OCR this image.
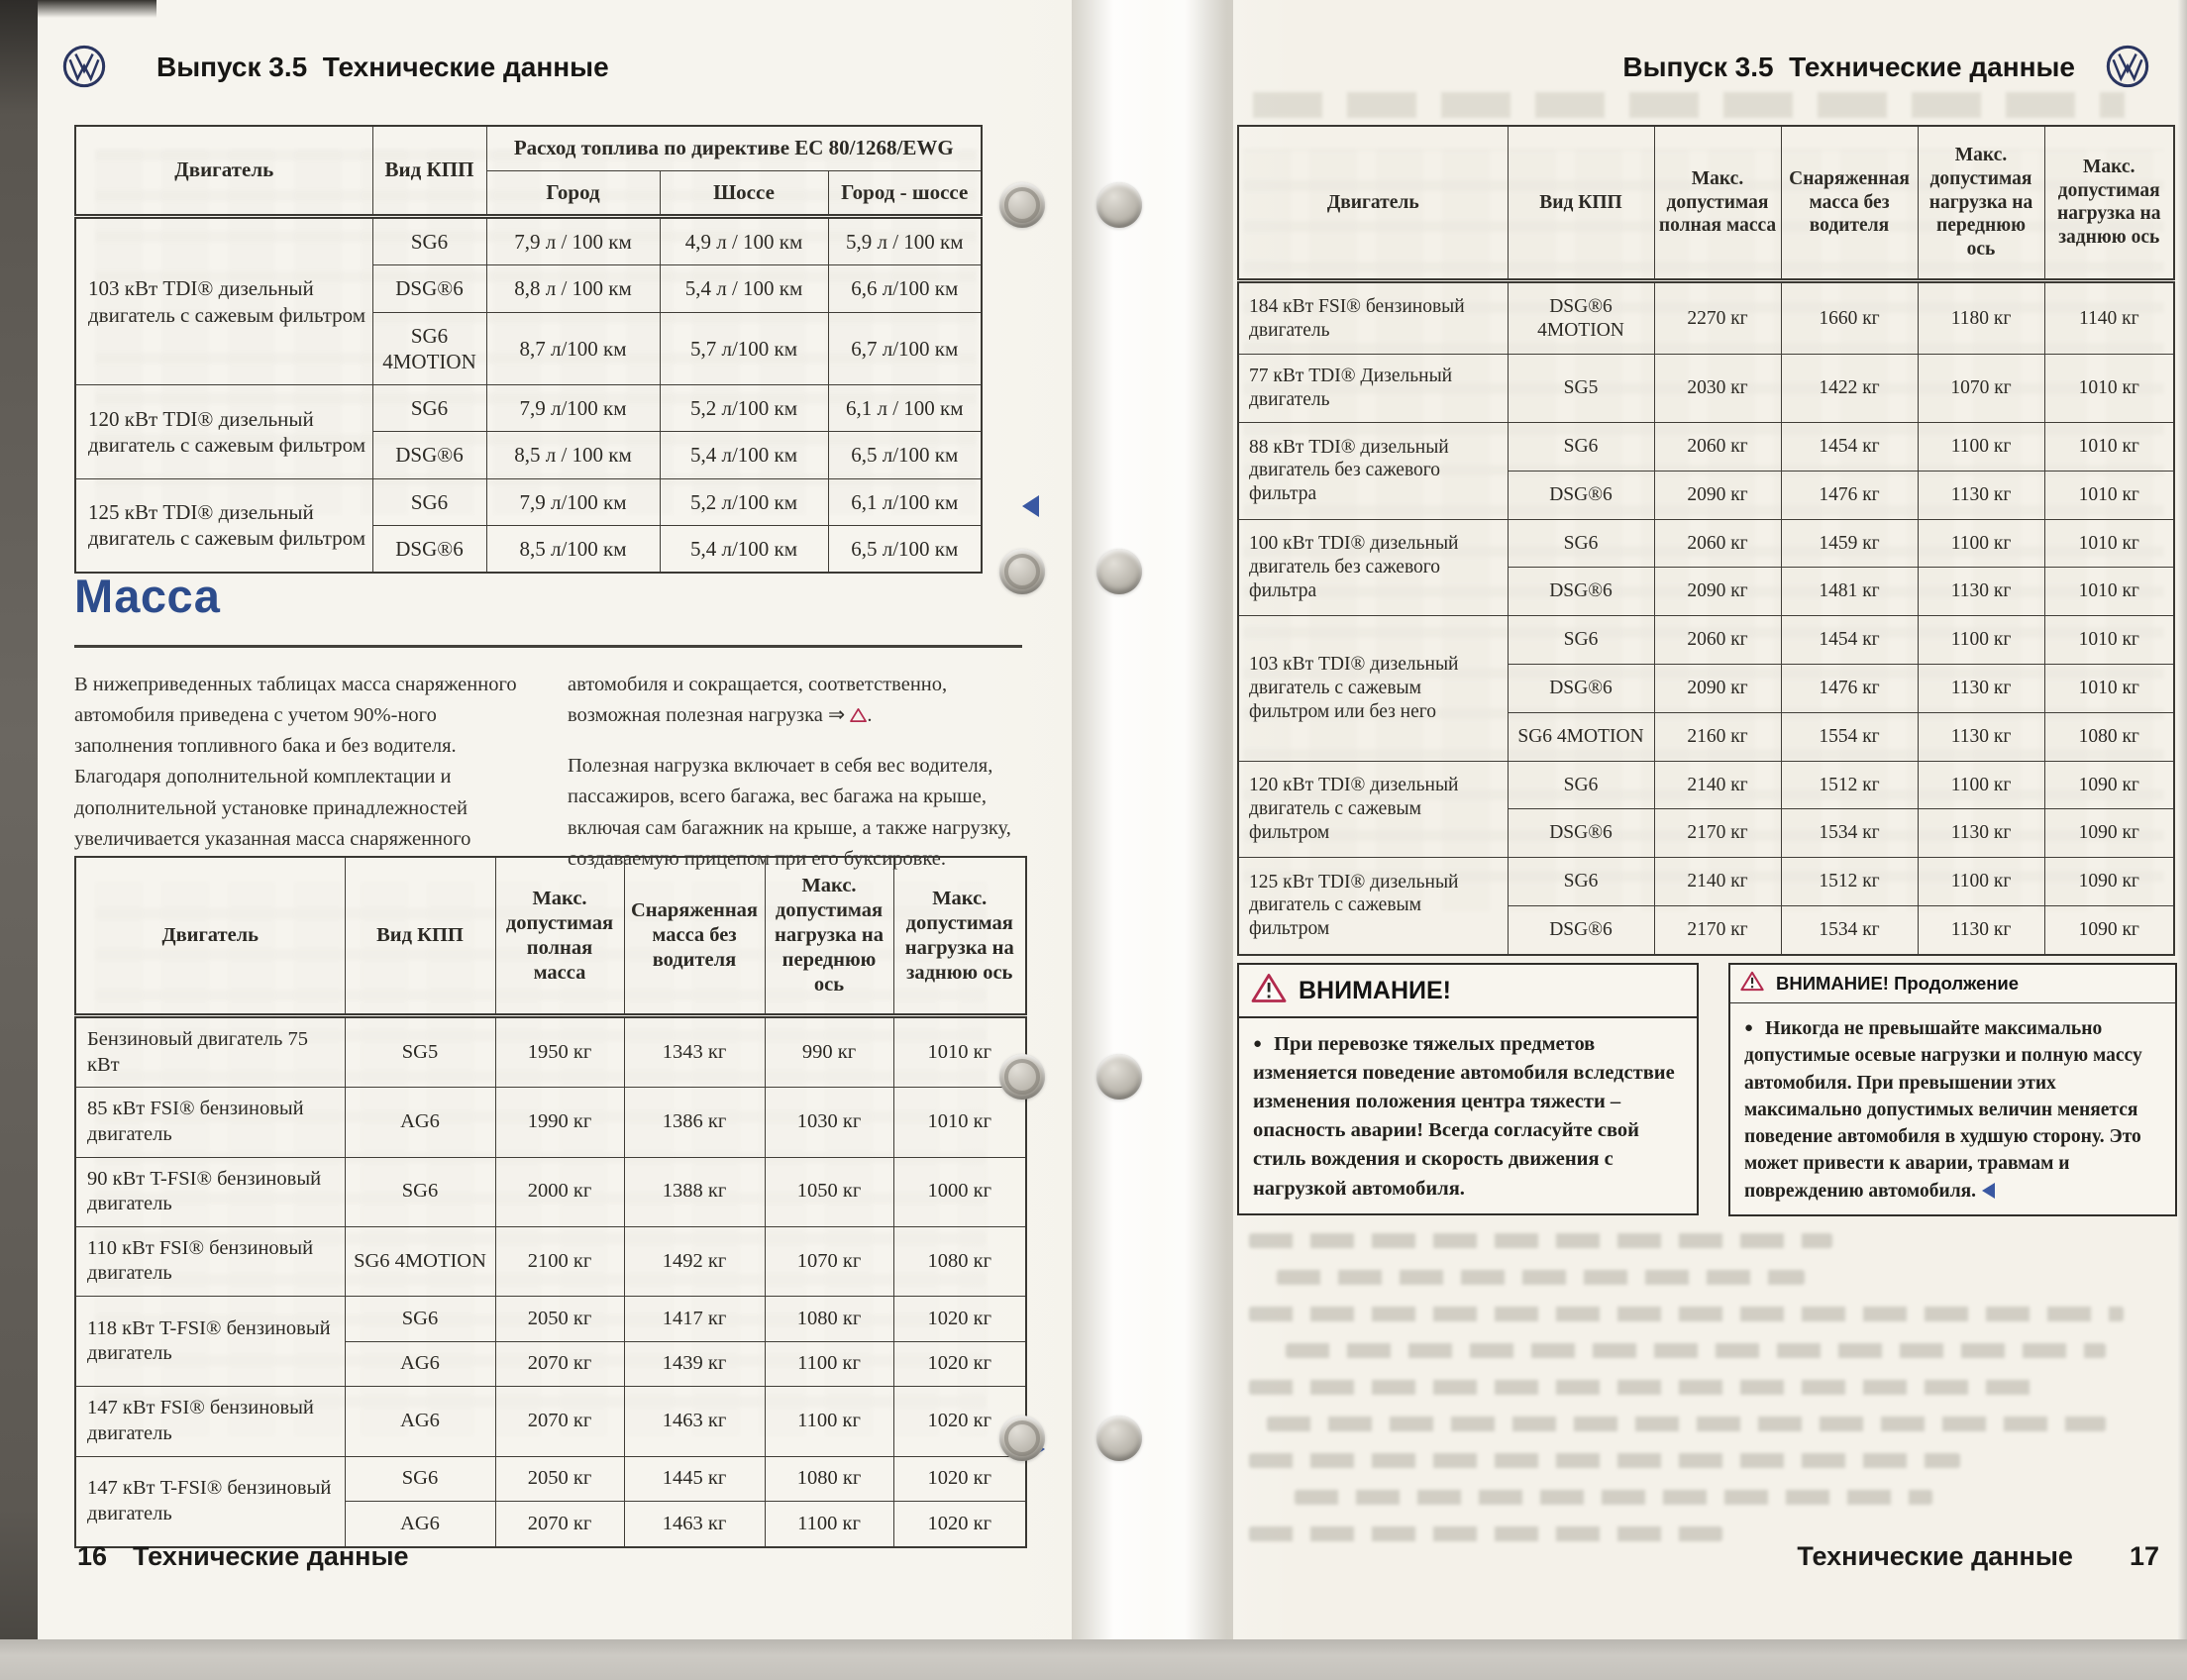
Выпуск 3.5  Технические данные
Двигатель	Вид КПП	Расход топлива по директиве ЕС 80/1268/EWG		
		Город	Шоссе	Город - шоссе
103 кВт TDI® дизельный двигатель с сажевым фильтром	SG6	7,9 л / 100 км	4,9 л / 100 км	5,9 л / 100 км
	DSG®6	8,8 л / 100 км	5,4 л / 100 км	6,6 л/100 км
	SG6 4MOTION	8,7 л/100 км	5,7 л/100 км	6,7 л/100 км
120 кВт TDI® дизельный двигатель с сажевым фильтром	SG6	7,9 л/100 км	5,2 л/100 км	6,1 л / 100 км
	DSG®6	8,5 л / 100 км	5,4 л/100 км	6,5 л/100 км
125 кВт TDI® дизельный двигатель с сажевым фильтром	SG6	7,9 л/100 км	5,2 л/100 км	6,1 л/100 км
	DSG®6	8,5 л/100 км	5,4 л/100 км	6,5 л/100 км
Масса

В нижеприведенных таблицах масса снаряженного автомобиля приведена с учетом 90%-ного заполнения топливного бака и без водителя. Благодаря дополнительной комплектации и дополнительной установке принадлежностей увеличивается указанная масса снаряженного

автомобиля и сокращается, соответственно, возможная полезная нагрузка ⇒ .

Полезная нагрузка включает в себя вес водителя, пассажиров, всего багажа, вес багажа на крыше, включая сам багажник на крыше, а также нагрузку, создаваемую прицепом при его буксировке.

Двигатель	Вид КПП	Макс. допустимая полная масса	Снаряженная масса без водителя	Макс. допустимая нагрузка на переднюю ось	Макс. допустимая нагрузка на заднюю ось
Бензиновый двигатель 75 кВт	SG5	1950 кг	1343 кг	990 кг	1010 кг
85 кВт FSI® бензиновый двигатель	AG6	1990 кг	1386 кг	1030 кг	1010 кг
90 кВт T-FSI® бензиновый двигатель	SG6	2000 кг	1388 кг	1050 кг	1000 кг
110 кВт FSI® бензиновый двигатель	SG6 4MOTION	2100 кг	1492 кг	1070 кг	1080 кг
118 кВт T-FSI® бензиновый двигатель	SG6	2050 кг	1417 кг	1080 кг	1020 кг
	AG6	2070 кг	1439 кг	1100 кг	1020 кг
147 кВт FSI® бензиновый двигатель	AG6	2070 кг	1463 кг	1100 кг	1020 кг
147 кВт T-FSI® бензиновый двигатель	SG6	2050 кг	1445 кг	1080 кг	1020 кг
	AG6	2070 кг	1463 кг	1100 кг	1020 кг
16 Технические данные
Выпуск 3.5  Технические данные
Двигатель	Вид КПП	Макс. допустимая полная масса	Снаряженная масса без водителя	Макс. допустимая нагрузка на переднюю ось	Макс. допустимая нагрузка на заднюю ось
184 кВт FSI® бензиновый двигатель	DSG®6 4MOTION	2270 кг	1660 кг	1180 кг	1140 кг
77 кВт TDI® Дизельный двигатель	SG5	2030 кг	1422 кг	1070 кг	1010 кг
88 кВт TDI® дизельный двигатель без сажевого фильтра	SG6	2060 кг	1454 кг	1100 кг	1010 кг
	DSG®6	2090 кг	1476 кг	1130 кг	1010 кг
100 кВт TDI® дизельный двигатель без сажевого фильтра	SG6	2060 кг	1459 кг	1100 кг	1010 кг
	DSG®6	2090 кг	1481 кг	1130 кг	1010 кг
103 кВт TDI® дизельный двигатель с сажевым фильтром или без него	SG6	2060 кг	1454 кг	1100 кг	1010 кг
	DSG®6	2090 кг	1476 кг	1130 кг	1010 кг
	SG6 4MOTION	2160 кг	1554 кг	1130 кг	1080 кг
120 кВт TDI® дизельный двигатель с сажевым фильтром	SG6	2140 кг	1512 кг	1100 кг	1090 кг
	DSG®6	2170 кг	1534 кг	1130 кг	1090 кг
125 кВт TDI® дизельный двигатель с сажевым фильтром	SG6	2140 кг	1512 кг	1100 кг	1090 кг
	DSG®6	2170 кг	1534 кг	1130 кг	1090 кг
ВНИМАНИЕ!
● При перевозке тяжелых предметов изменяется поведение автомобиля вследствие изменения положения центра тяжести – опасность аварии! Всегда согласуйте свой стиль вождения и скорость движения с нагрузкой автомобиля.
ВНИМАНИЕ! Продолжение
● Никогда не превышайте максимально допустимые осевые нагрузки и полную массу автомобиля. При превышении этих максимально допустимых величин меняется поведение автомобиля в худшую сторону. Это может привести к аварии, травмам и повреждению автомобиля.
Технические данные 17
